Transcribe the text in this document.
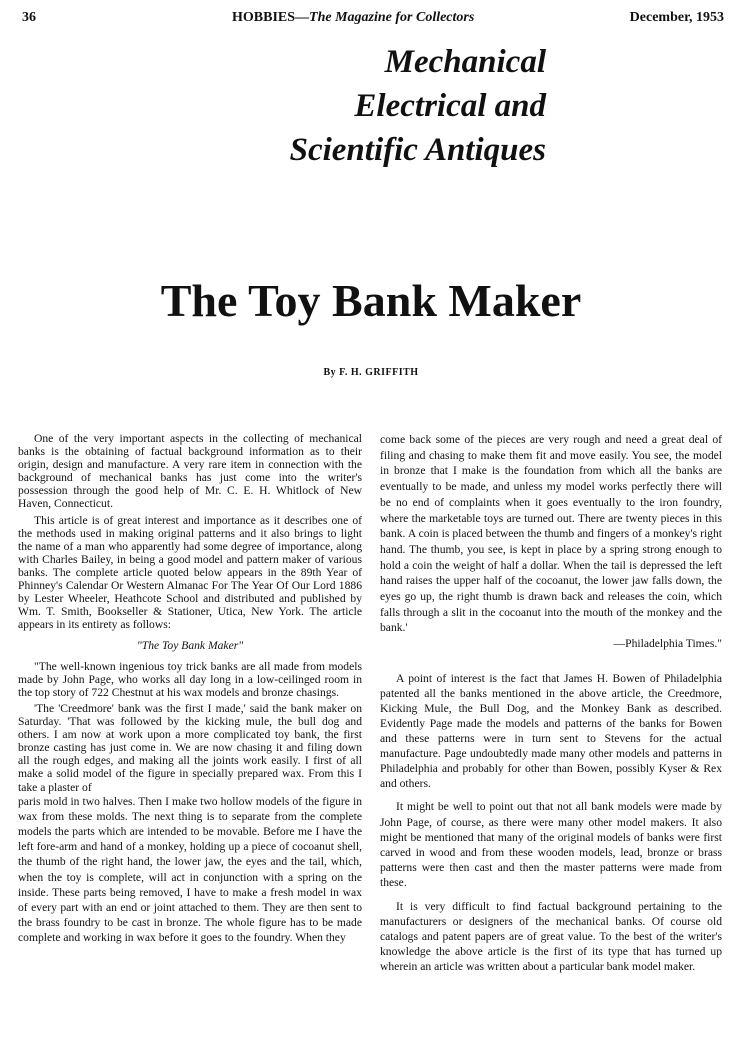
36	HOBBIES—The Magazine for Collectors	December, 1953
Mechanical
Electrical and
Scientific Antiques
The Toy Bank Maker
By F. H. GRIFFITH

One of the very important aspects in the collecting of mechanical banks is the obtaining of factual background information as to their origin, design and manufacture. A very rare item in connection with the background of mechanical banks has just come into the writer's possession through the good help of Mr. C. E. H. Whitlock of New Haven, Connecticut.

This article is of great interest and importance as it describes one of the methods used in making original patterns and it also brings to light the name of a man who apparently had some degree of importance, along with Charles Bailey, in being a good model and pattern maker of various banks. The complete article quoted below appears in the 89th Year of Phinney's Calendar Or Western Almanac For The Year Of Our Lord 1886 by Lester Wheeler, Heathcote School and distributed and published by Wm. T. Smith, Bookseller & Stationer, Utica, New York. The article appears in its entirety as follows:

"The Toy Bank Maker"

"The well-known ingenious toy trick banks are all made from models made by John Page, who works all day long in a low-ceilinged room in the top story of 722 Chestnut at his wax models and bronze chasings.

'The 'Creedmore' bank was the first I made,' said the bank maker on Saturday. 'That was followed by the kicking mule, the bull dog and others. I am now at work upon a more complicated toy bank, the first bronze casting has just come in. We are now chasing it and filing down all the rough edges, and making all the joints work easily. I first of all make a solid model of the figure in specially prepared wax. From this I take a plaster of

paris mold in two halves. Then I make two hollow models of the figure in wax from these molds. The next thing is to separate from the complete models the parts which are intended to be movable. Before me I have the left fore-arm and hand of a monkey, holding up a piece of cocoanut shell, the thumb of the right hand, the lower jaw, the eyes and the tail, which, when the toy is complete, will act in conjunction with a spring on the inside. These parts being removed, I have to make a fresh model in wax of every part with an end or joint attached to them. They are then sent to the brass foundry to be cast in bronze. The whole figure has to be made complete and working in wax before it goes to the foundry. When they

come back some of the pieces are very rough and need a great deal of filing and chasing to make them fit and move easily. You see, the model in bronze that I make is the foundation from which all the banks are eventually to be made, and unless my model works perfectly there will be no end of complaints when it goes eventually to the iron foundry, where the marketable toys are turned out. There are twenty pieces in this bank. A coin is placed between the thumb and fingers of a monkey's right hand. The thumb, you see, is kept in place by a spring strong enough to hold a coin the weight of half a dollar. When the tail is depressed the left hand raises the upper half of the cocoanut, the lower jaw falls down, the eyes go up, the right thumb is drawn back and releases the coin, which falls through a slit in the cocoanut into the mouth of the monkey and the bank.'

—Philadelphia Times."

A point of interest is the fact that James H. Bowen of Philadelphia patented all the banks mentioned in the above article, the Creedmore, Kicking Mule, the Bull Dog, and the Monkey Bank as described. Evidently Page made the models and patterns of the banks for Bowen and these patterns were in turn sent to Stevens for the actual manufacture. Page undoubtedly made many other models and patterns in Philadelphia and probably for other than Bowen, possibly Kyser & Rex and others.

It might be well to point out that not all bank models were made by John Page, of course, as there were many other model makers. It also might be mentioned that many of the original models of banks were first carved in wood and from these wooden models, lead, bronze or brass patterns were then cast and then the master patterns were made from these.

It is very difficult to find factual background pertaining to the manufacturers or designers of the mechanical banks. Of course old catalogs and patent papers are of great value. To the best of the writer's knowledge the above article is the first of its type that has turned up wherein an article was written about a particular bank model maker.
